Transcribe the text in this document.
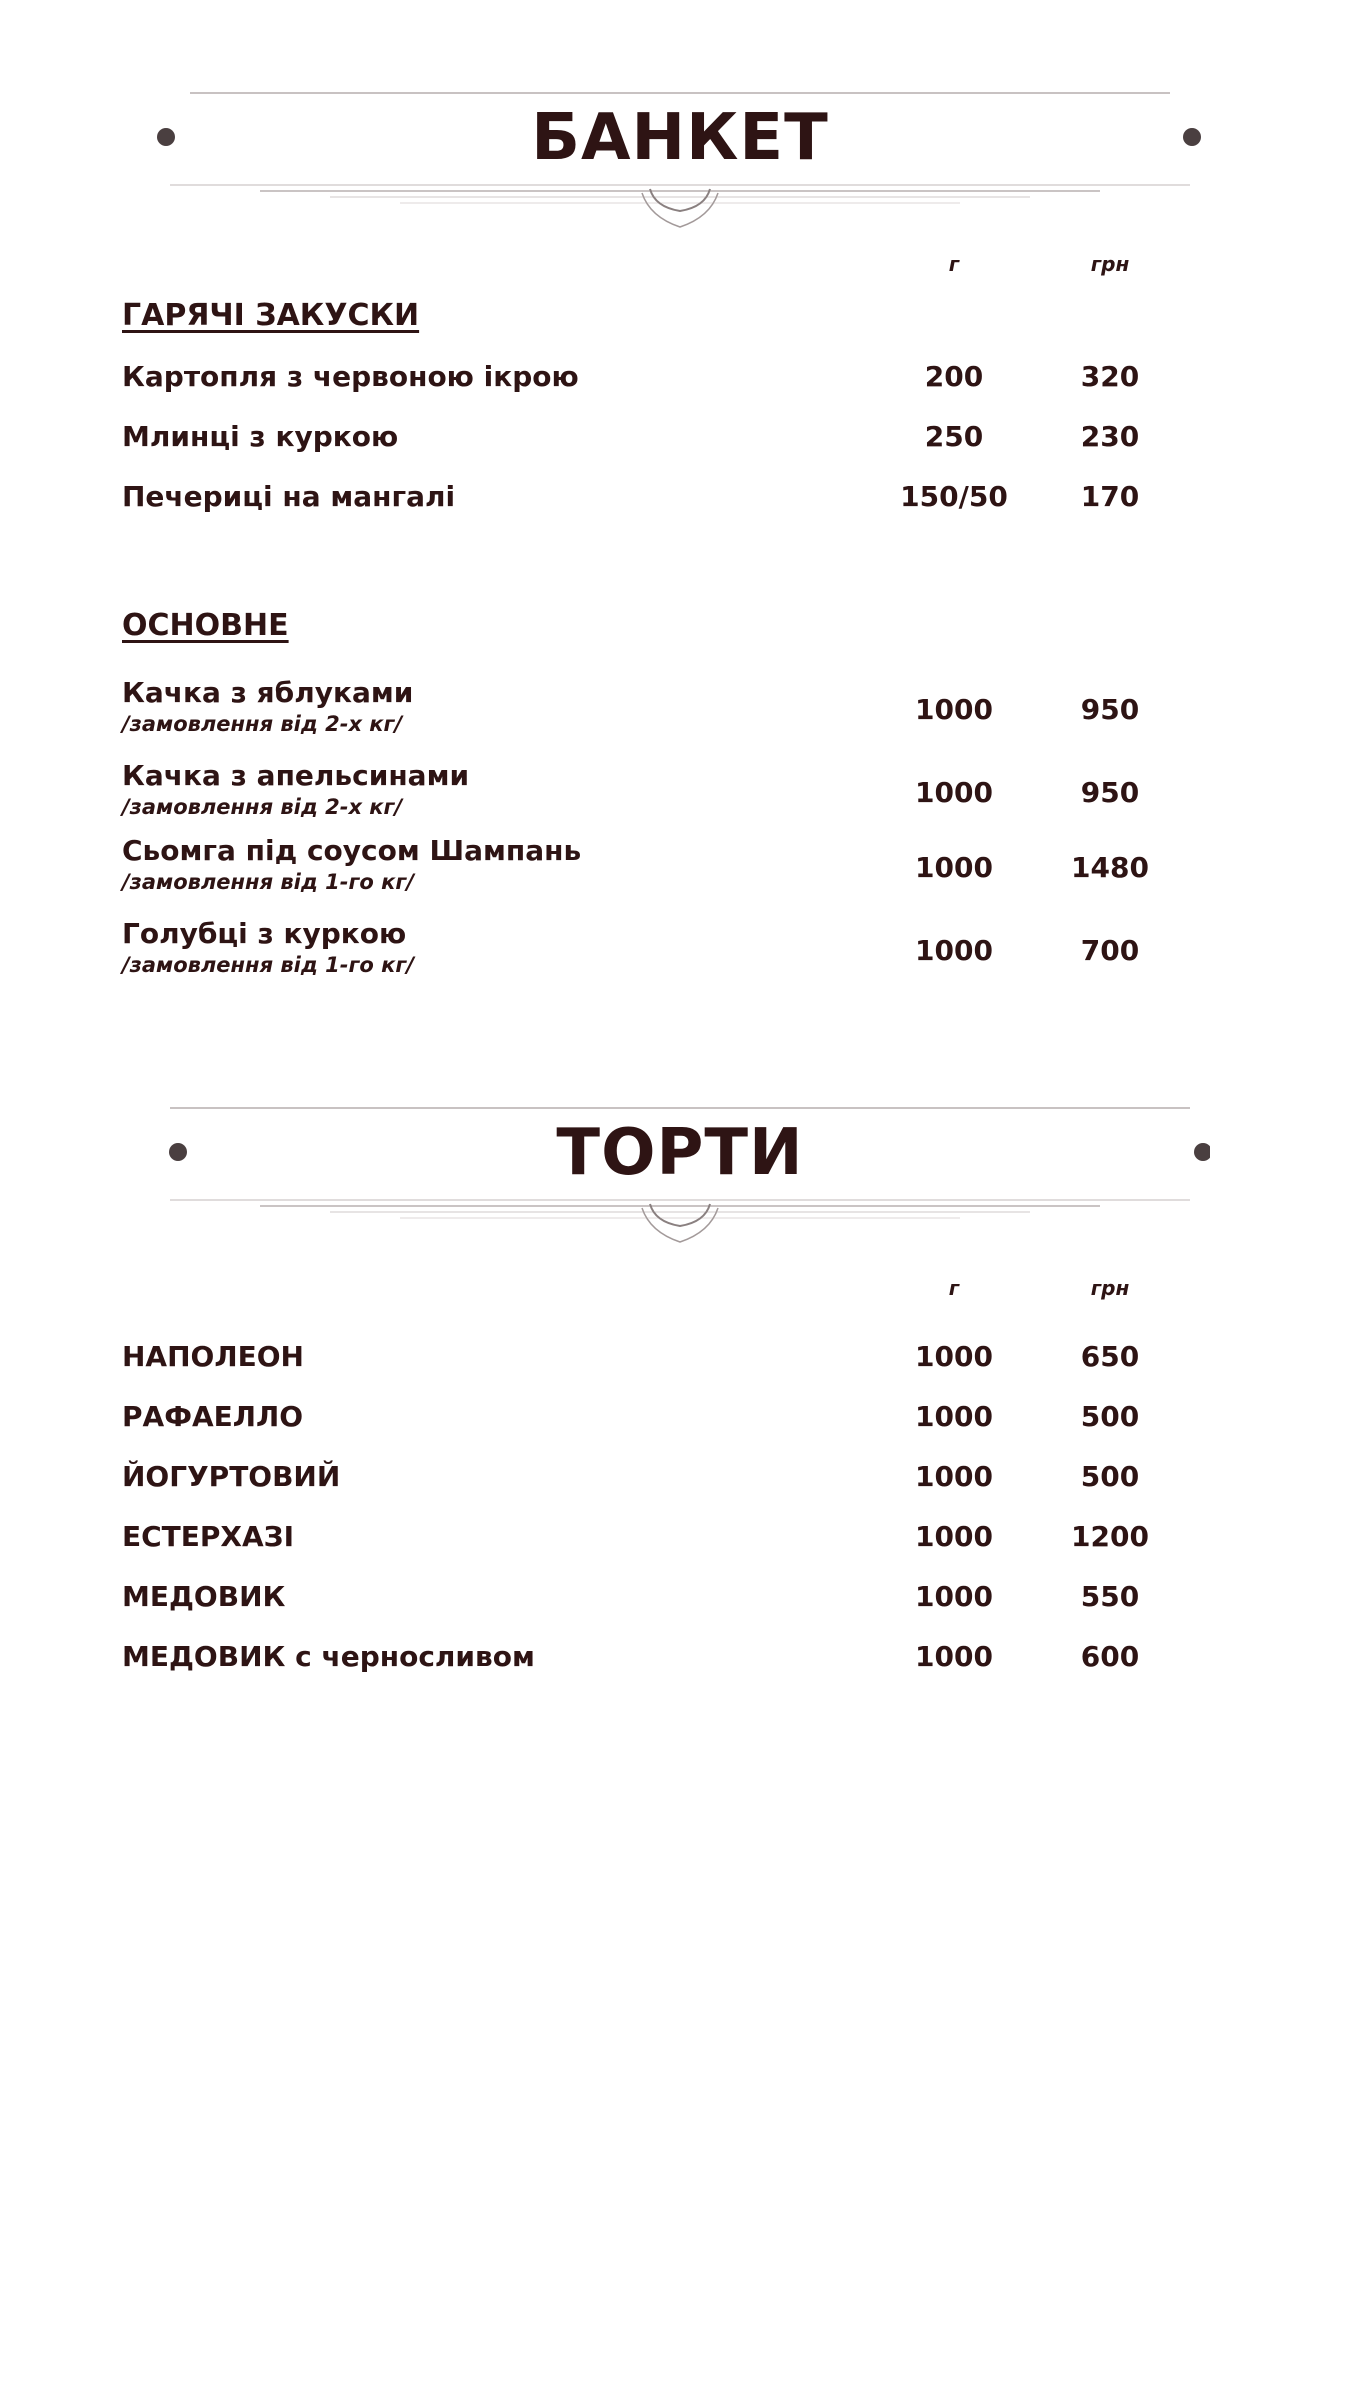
БАНКЕТ
г	грн
ГАРЯЧІ ЗАКУСКИ
Картопля з червоною ікрою	200	320
Млинці з куркою	250	230
Печериці на мангалі	150/50	170
ОСНОВНЕ
Качка з яблуками
/замовлення від 2-х кг/	1000	950
Качка з апельсинами
/замовлення від 2-х кг/	1000	950
Сьомга під соусом Шампань
/замовлення від 1-го кг/	1000	1480
Голубці з куркою
/замовлення від 1-го кг/	1000	700
ТОРТИ
г	грн
НАПОЛЕОН	1000	650
РАФАЕЛЛО	1000	500
ЙОГУРТОВИЙ	1000	500
ЕСТЕРХАЗІ	1000	1200
МЕДОВИК	1000	550
МЕДОВИК с черносливом	1000	600
